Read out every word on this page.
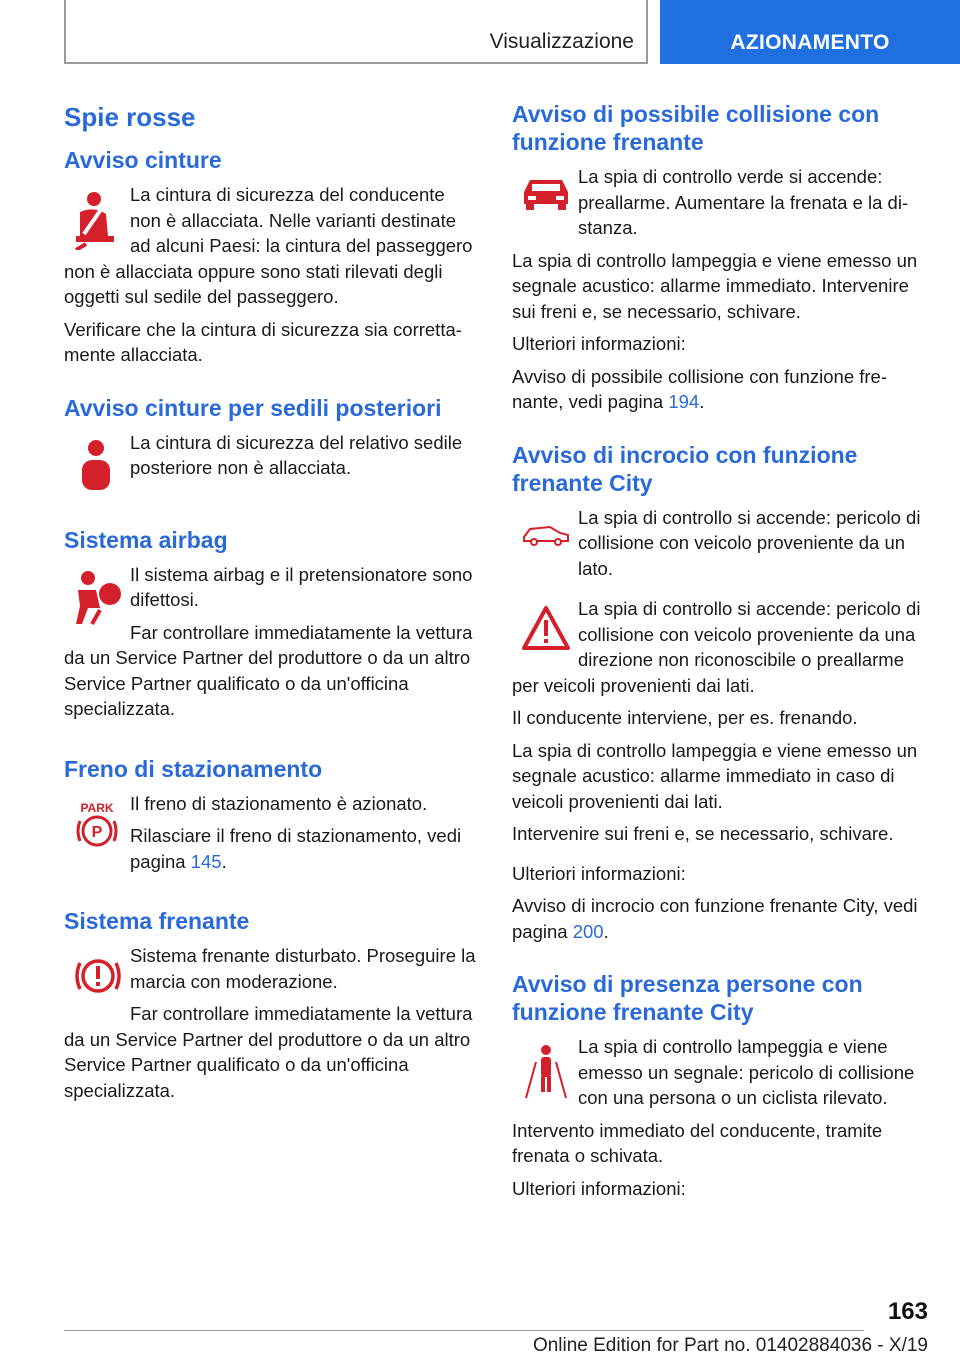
Visualizzazione	AZIONAMENTO
Spie rosse
Avviso cinture

La cintura di sicurezza del conducente non è allacciata. Nelle varianti destinate ad alcuni Paesi: la cintura del passeggero non è allacciata oppure sono stati rilevati degli oggetti sul sedile del passeggero.

Verificare che la cintura di sicurezza sia correttamente allacciata.

Avviso cinture per sedili posteriori

La cintura di sicurezza del relativo sedile posteriore non è allacciata.

Sistema airbag

Il sistema airbag e il pretensionatore sono difettosi.

Far controllare immediatamente la vettura da un Service Partner del produttore o da un altro Service Partner qualificato o da un'officina specializzata.

Freno di stazionamento
PARK
P

Il freno di stazionamento è azionato.

Rilasciare il freno di stazionamento, vedi pagina 145.

Sistema frenante

Sistema frenante disturbato. Proseguire la marcia con moderazione.

Far controllare immediatamente la vettura da un Service Partner del produttore o da un altro Service Partner qualificato o da un'officina specializzata.

Avviso di possibile collisione con funzione frenante

La spia di controllo verde si accende: preallarme. Aumentare la frenata e la distanza.

La spia di controllo lampeggia e viene emesso un segnale acustico: allarme immediato. Intervenire sui freni e, se necessario, schivare.

Ulteriori informazioni:

Avviso di possibile collisione con funzione frenante, vedi pagina 194.

Avviso di incrocio con funzione frenante City

La spia di controllo si accende: pericolo di collisione con veicolo proveniente da un lato.

La spia di controllo si accende: pericolo di collisione con veicolo proveniente da una direzione non riconoscibile o preallarme per veicoli provenienti dai lati.

Il conducente interviene, per es. frenando.

La spia di controllo lampeggia e viene emesso un segnale acustico: allarme immediato in caso di veicoli provenienti dai lati.

Intervenire sui freni e, se necessario, schivare.

Ulteriori informazioni:

Avviso di incrocio con funzione frenante City, vedi pagina 200.

Avviso di presenza persone con funzione frenante City

La spia di controllo lampeggia e viene emesso un segnale: pericolo di collisione con una persona o un ciclista rilevato.

Intervento immediato del conducente, tramite frenata o schivata.

Ulteriori informazioni:

163
Online Edition for Part no. 01402884036 - X/19
